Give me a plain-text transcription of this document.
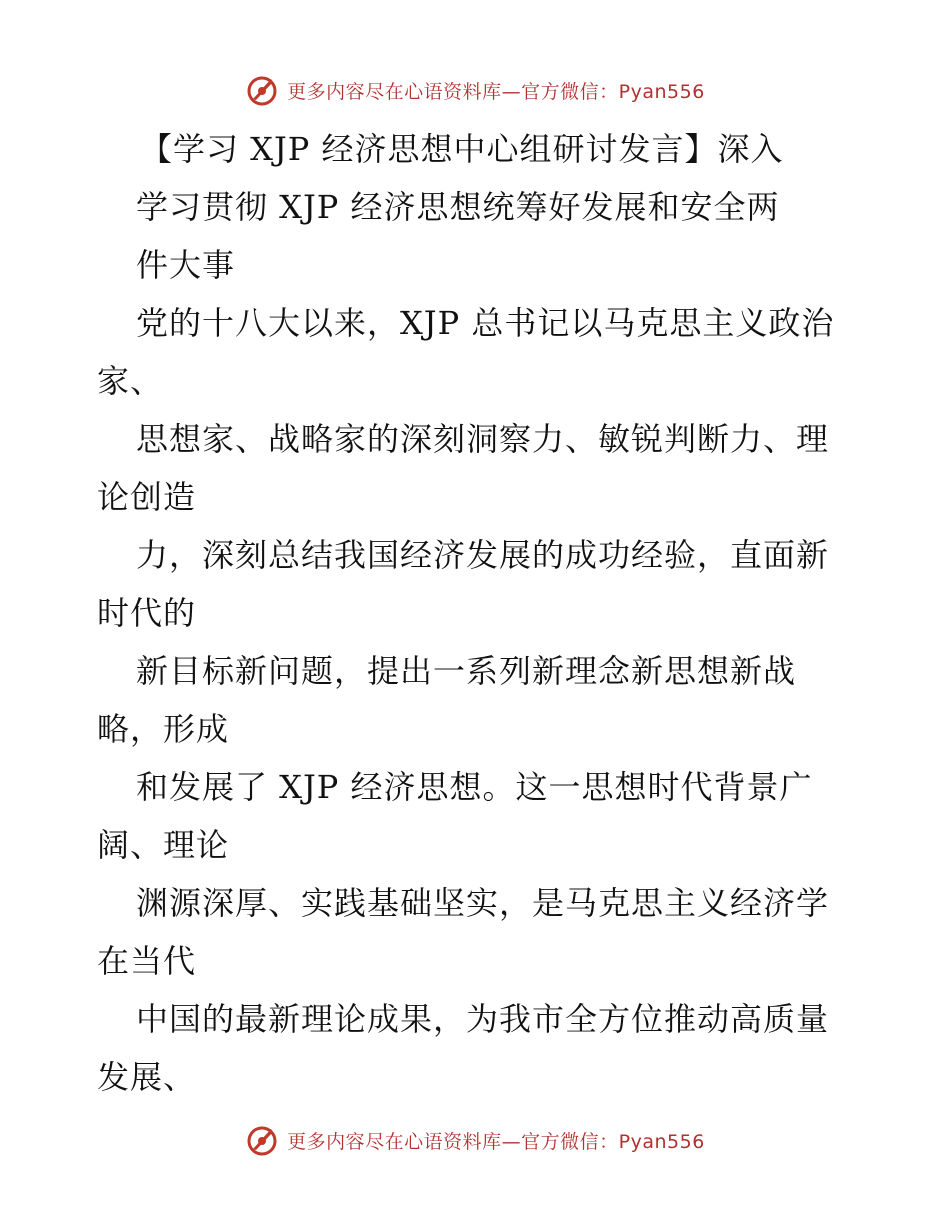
更多内容尽在心语资料库—官方微信：Pyan556
【学习 XJP 经济思想中心组研讨发言】深入
学习贯彻 XJP 经济思想统筹好发展和安全两
件大事
党的十八大以来，XJP 总书记以马克思主义政治
家、
思想家、战略家的深刻洞察力、敏锐判断力、理
论创造
力，深刻总结我国经济发展的成功经验，直面新
时代的
新目标新问题，提出一系列新理念新思想新战
略，形成
和发展了 XJP 经济思想。这一思想时代背景广
阔、理论
渊源深厚、实践基础坚实，是马克思主义经济学
在当代
中国的最新理论成果，为我市全方位推动高质量
发展、
更多内容尽在心语资料库—官方微信：Pyan556
